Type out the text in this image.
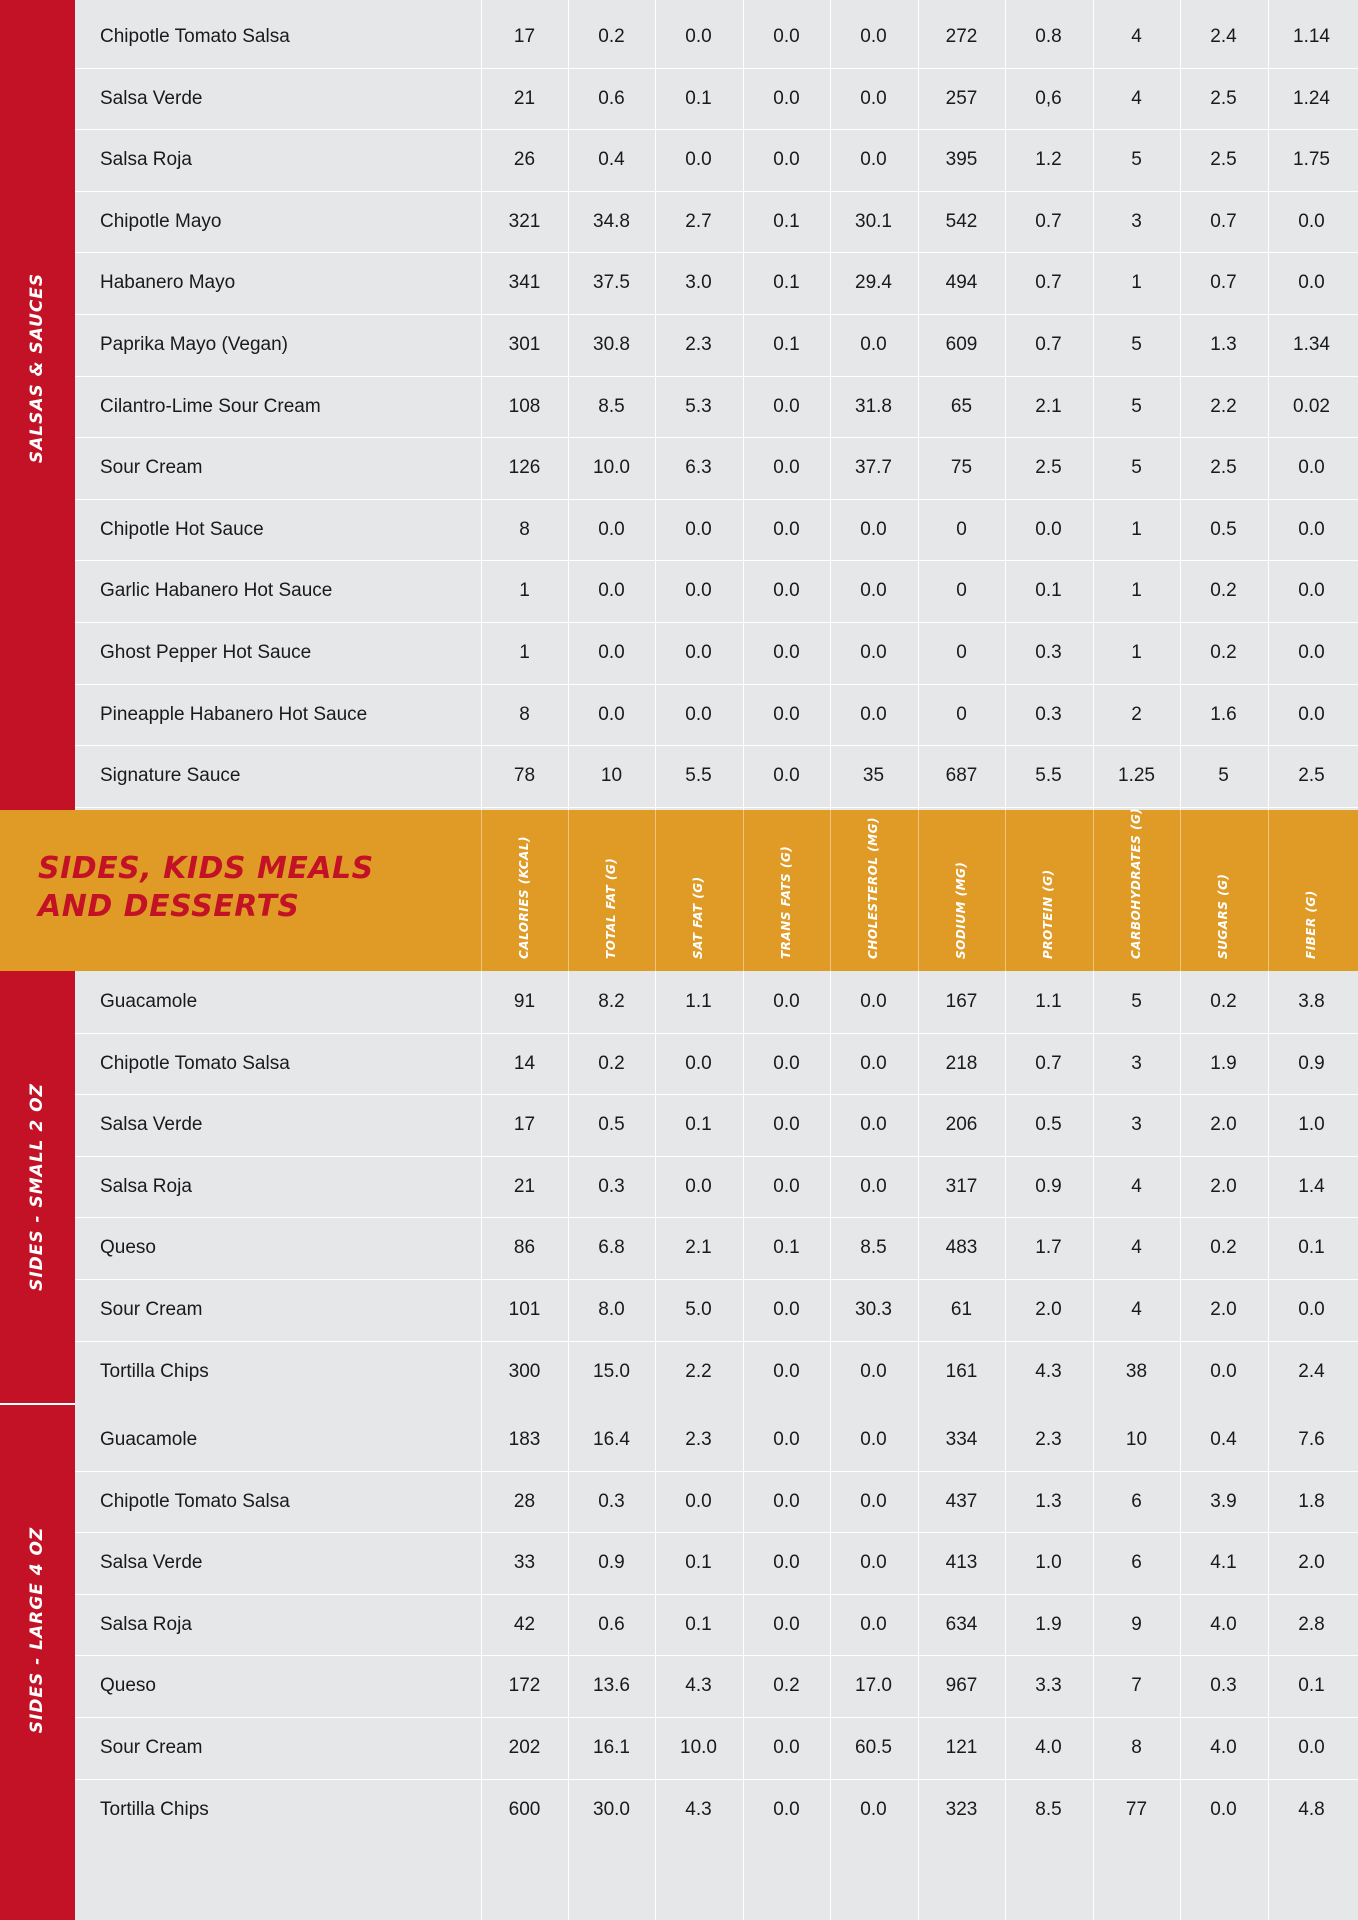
SALSAS & SAUCES
Chipotle Tomato Salsa	17	0.2	0.0	0.0	0.0	272	0.8	4	2.4	1.14
Salsa Verde	21	0.6	0.1	0.0	0.0	257	0,6	4	2.5	1.24
Salsa Roja	26	0.4	0.0	0.0	0.0	395	1.2	5	2.5	1.75
Chipotle Mayo	321	34.8	2.7	0.1	30.1	542	0.7	3	0.7	0.0
Habanero Mayo	341	37.5	3.0	0.1	29.4	494	0.7	1	0.7	0.0
Paprika Mayo (Vegan)	301	30.8	2.3	0.1	0.0	609	0.7	5	1.3	1.34
Cilantro-Lime Sour Cream	108	8.5	5.3	0.0	31.8	65	2.1	5	2.2	0.02
Sour Cream	126	10.0	6.3	0.0	37.7	75	2.5	5	2.5	0.0
Chipotle Hot Sauce	8	0.0	0.0	0.0	0.0	0	0.0	1	0.5	0.0
Garlic Habanero Hot Sauce	1	0.0	0.0	0.0	0.0	0	0.1	1	0.2	0.0
Ghost Pepper Hot Sauce	1	0.0	0.0	0.0	0.0	0	0.3	1	0.2	0.0
Pineapple Habanero Hot Sauce	8	0.0	0.0	0.0	0.0	0	0.3	2	1.6	0.0
Signature Sauce	78	10	5.5	0.0	35	687	5.5	1.25	5	2.5
SIDES - SMALL 2 OZ
Guacamole	91	8.2	1.1	0.0	0.0	167	1.1	5	0.2	3.8
Chipotle Tomato Salsa	14	0.2	0.0	0.0	0.0	218	0.7	3	1.9	0.9
Salsa Verde	17	0.5	0.1	0.0	0.0	206	0.5	3	2.0	1.0
Salsa Roja	21	0.3	0.0	0.0	0.0	317	0.9	4	2.0	1.4
Queso	86	6.8	2.1	0.1	8.5	483	1.7	4	0.2	0.1
Sour Cream	101	8.0	5.0	0.0	30.3	61	2.0	4	2.0	0.0
Tortilla Chips	300	15.0	2.2	0.0	0.0	161	4.3	38	0.0	2.4
SIDES - LARGE 4 OZ
Guacamole	183	16.4	2.3	0.0	0.0	334	2.3	10	0.4	7.6
Chipotle Tomato Salsa	28	0.3	0.0	0.0	0.0	437	1.3	6	3.9	1.8
Salsa Verde	33	0.9	0.1	0.0	0.0	413	1.0	6	4.1	2.0
Salsa Roja	42	0.6	0.1	0.0	0.0	634	1.9	9	4.0	2.8
Queso	172	13.6	4.3	0.2	17.0	967	3.3	7	0.3	0.1
Sour Cream	202	16.1	10.0	0.0	60.5	121	4.0	8	4.0	0.0
Tortilla Chips	600	30.0	4.3	0.0	0.0	323	8.5	77	0.0	4.8
SIDES, KIDS MEALS AND DESSERTS	CALORIES (KCAL)	TOTAL FAT (G)	SAT FAT (G)	TRANS FATS (G)	CHOLESTEROL (MG)	SODIUM (MG)	PROTEIN (G)	CARBOHYDRATES (G)	SUGARS (G)	FIBER (G)
